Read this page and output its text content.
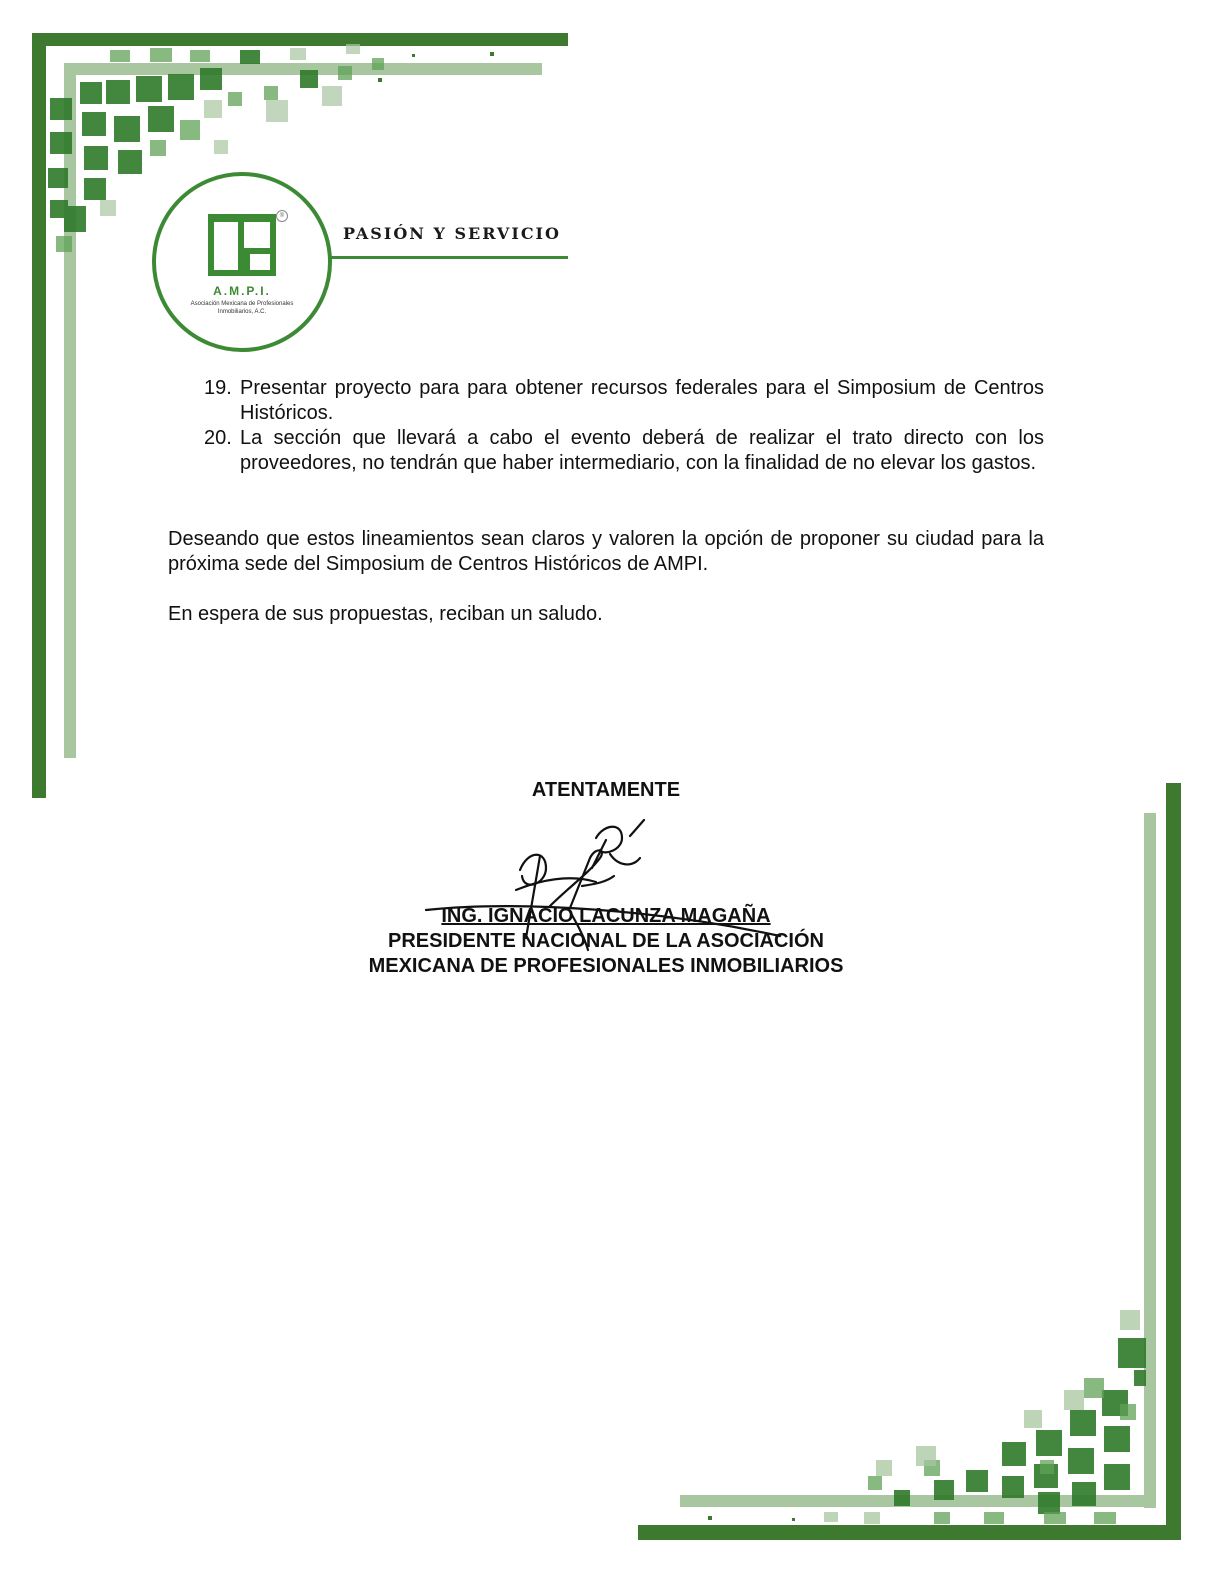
®
A.M.P.I.
Asociación Mexicana de Profesionales Inmobiliarios, A.C.
PASIÓN Y SERVICIO
19. Presentar proyecto para para obtener recursos federales para el Simposium de Centros Históricos.
20. La sección que llevará a cabo el evento deberá de realizar el trato directo con los proveedores, no tendrán que haber intermediario, con la finalidad de no elevar los gastos.

Deseando que estos lineamientos sean claros y valoren la opción de proponer su ciudad para la próxima sede del Simposium de Centros Históricos de AMPI.

En espera de sus propuestas, reciban un saludo.

ATENTAMENTE
ING. IGNACIO LACUNZA MAGAÑA
PRESIDENTE NACIONAL DE LA ASOCIACIÓN
MEXICANA DE PROFESIONALES INMOBILIARIOS
